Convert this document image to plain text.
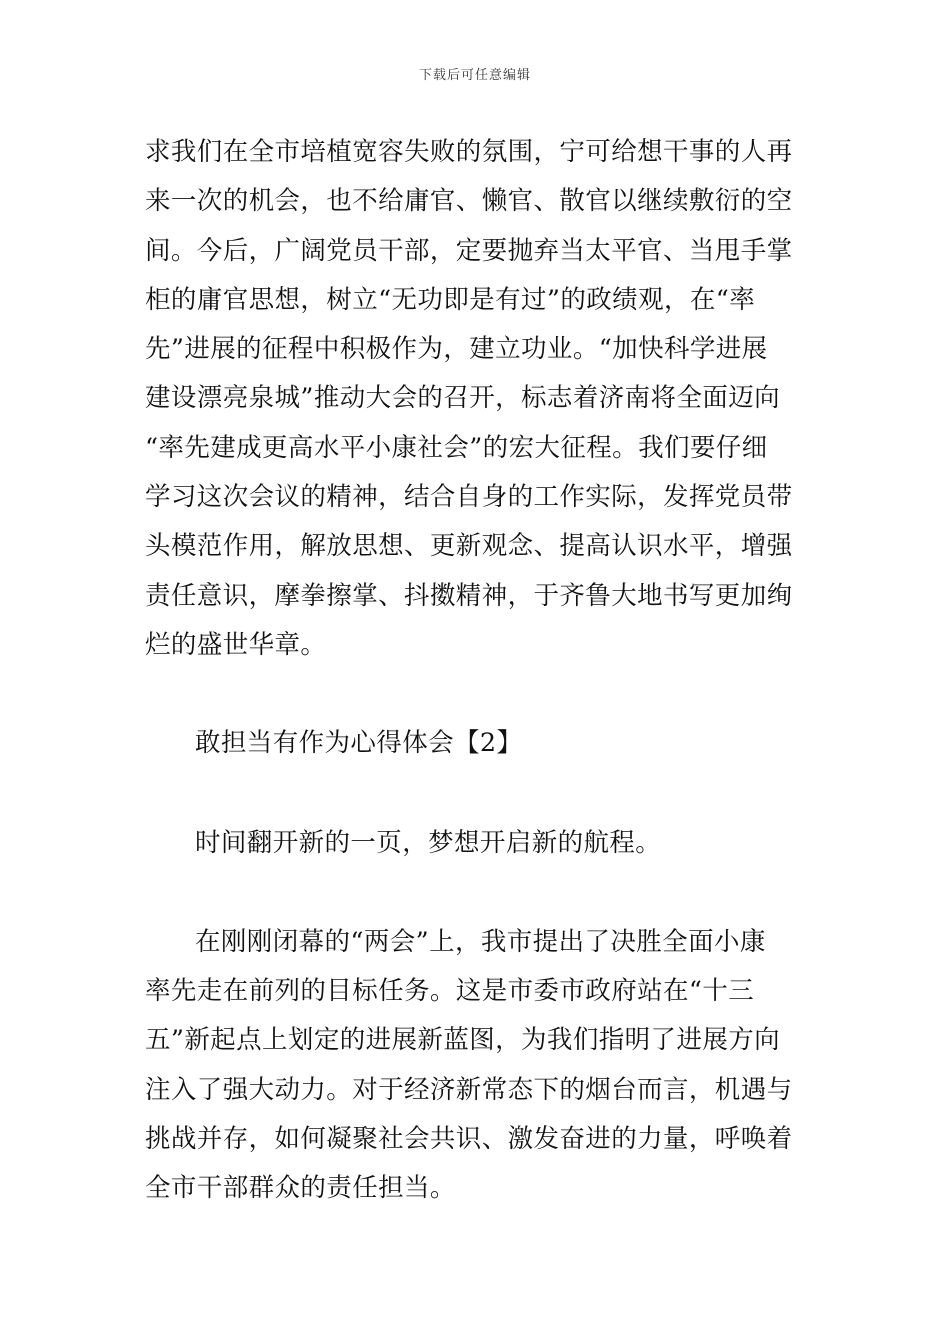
下载后可任意编辑
求我们在全市培植宽容失败的氛围，宁可给想干事的人再
来一次的机会，也不给庸官、懒官、散官以继续敷衍的空
间。今后，广阔党员干部，定要抛弃当太平官、当甩手掌
柜的庸官思想，树立“无功即是有过”的政绩观，在“率
先”进展的征程中积极作为，建立功业。“加快科学进展
建设漂亮泉城”推动大会的召开，标志着济南将全面迈向
“率先建成更高水平小康社会”的宏大征程。我们要仔细
学习这次会议的精神，结合自身的工作实际，发挥党员带
头模范作用，解放思想、更新观念、提高认识水平，增强
责任意识，摩拳擦掌、抖擞精神，于齐鲁大地书写更加绚
烂的盛世华章。
敢担当有作为心得体会【2】
时间翻开新的一页，梦想开启新的航程。
在刚刚闭幕的“两会”上，我市提出了决胜全面小康
率先走在前列的目标任务。这是市委市政府站在“十三
五”新起点上划定的进展新蓝图，为我们指明了进展方向
注入了强大动力。对于经济新常态下的烟台而言，机遇与
挑战并存，如何凝聚社会共识、激发奋进的力量，呼唤着
全市干部群众的责任担当。
